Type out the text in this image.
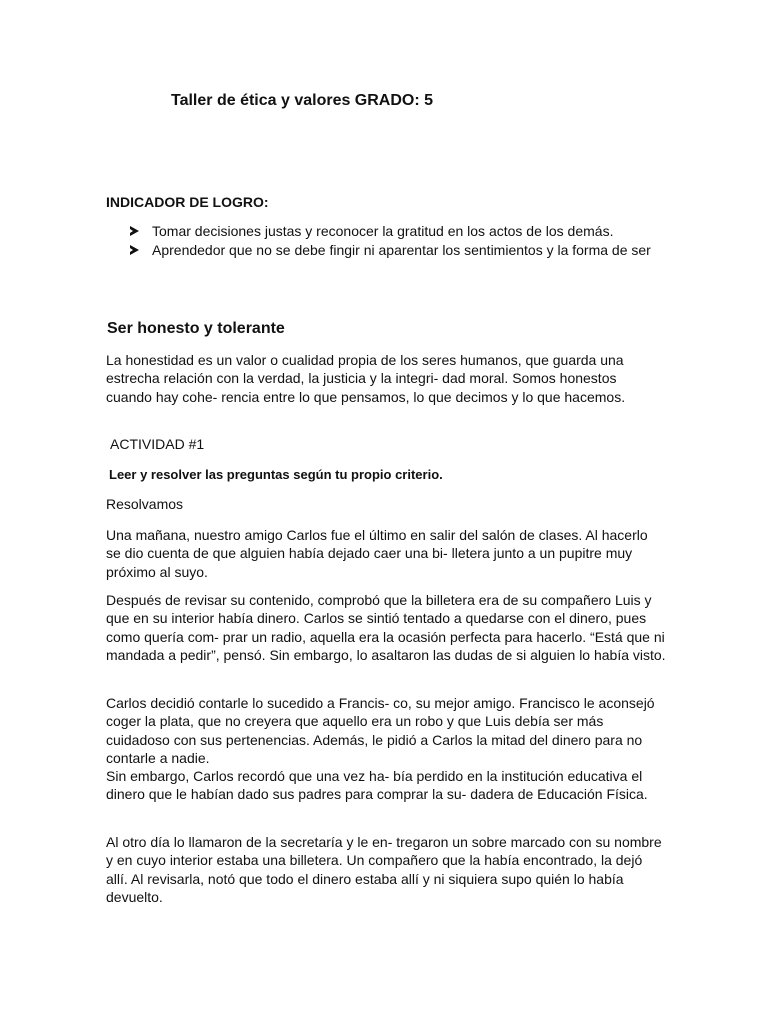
Taller de ética y valores GRADO: 5

INDICADOR DE LOGRO:

Tomar decisiones justas y reconocer la gratitud en los actos de los demás.
Aprendedor que no se debe fingir ni aparentar los sentimientos y la forma de ser
Ser honesto y tolerante

La honestidad es un valor o cualidad propia de los seres humanos, que guarda una estrecha relación con la verdad, la justicia y la integri- dad moral. Somos honestos cuando hay cohe- rencia entre lo que pensamos, lo que decimos y lo que hacemos.

ACTIVIDAD #1

Leer y resolver las preguntas según tu propio criterio.

Resolvamos

Una mañana, nuestro amigo Carlos fue el último en salir del salón de clases. Al hacerlo se dio cuenta de que alguien había dejado caer una bi- lletera junto a un pupitre muy próximo al suyo.

Después de revisar su contenido, comprobó que la billetera era de su compañero Luis y que en su interior había dinero. Carlos se sintió tentado a quedarse con el dinero, pues como quería com- prar un radio, aquella era la ocasión perfecta para hacerlo. “Está que ni mandada a pedir”, pensó. Sin embargo, lo asaltaron las dudas de si alguien lo había visto.

Carlos decidió contarle lo sucedido a Francis- co, su mejor amigo. Francisco le aconsejó coger la plata, que no creyera que aquello era un robo y que Luis debía ser más cuidadoso con sus pertenencias. Además, le pidió a Carlos la mitad del dinero para no contarle a nadie.

Sin embargo, Carlos recordó que una vez ha- bía perdido en la institución educativa el dinero que le habían dado sus padres para comprar la su- dadera de Educación Física.

Al otro día lo llamaron de la secretaría y le en- tregaron un sobre marcado con su nombre y en cuyo interior estaba una billetera. Un compañero que la había encontrado, la dejó allí. Al revisarla, notó que todo el dinero estaba allí y ni siquiera supo quién lo había devuelto.
